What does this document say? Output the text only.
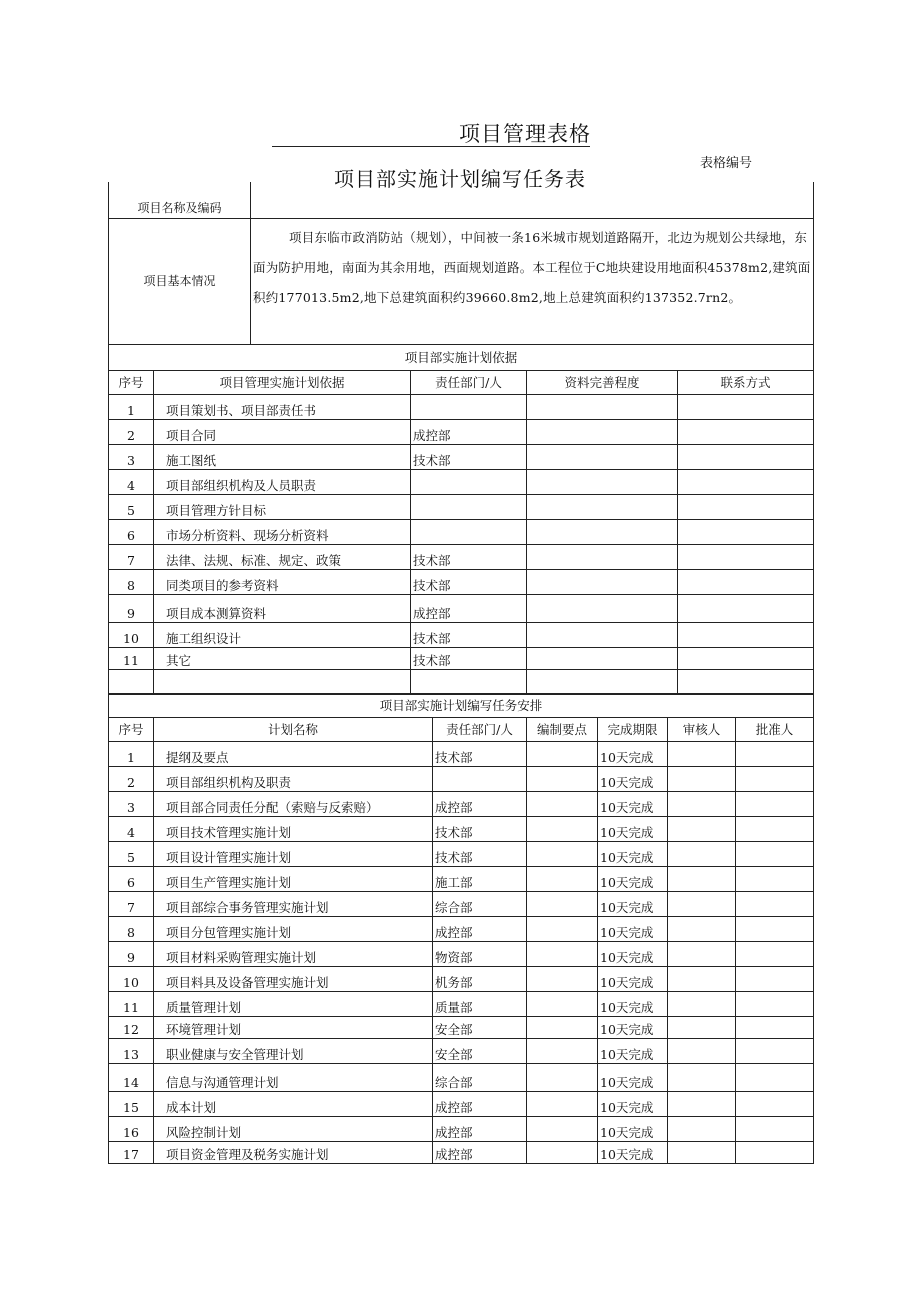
项目管理表格
表格编号
项目部实施计划编写任务表
项目名称及编码	
项目基本情况	项目东临市政消防站（规划），中间被一条16米城市规划道路隔开，北边为规划公共绿地，东面为防护用地，南面为其余用地，西面规划道路。本工程位于C地块建设用地面积45378m2,建筑面积约177013.5m2,地下总建筑面积约39660.8m2,地上总建筑面积约137352.7rn2。

项目部实施计划依据				
序号	项目管理实施计划依据	责任部门/人	资料完善程度	联系方式
1	项目策划书、项目部责任书			
2	项目合同	成控部		
3	施工图纸	技术部		
4	项目部组织机构及人员职责			
5	项目管理方针目标			
6	市场分析资料、现场分析资料			
7	法律、法规、标准、规定、政策	技术部		
8	同类项目的参考资料	技术部		
9	项目成本测算资料	成控部		
10	施工组织设计	技术部		
11	其它	技术部		

项目部实施计划编写任务安排						
序号	计划名称	责任部门/人	编制要点	完成期限	审核人	批准人
1	提纲及要点	技术部		10天完成		
2	项目部组织机构及职责			10天完成		
3	项目部合同责任分配（索赔与反索赔）	成控部		10天完成		
4	项目技术管理实施计划	技术部		10天完成		
5	项目设计管理实施计划	技术部		10天完成		
6	项目生产管理实施计划	施工部		10天完成		
7	项目部综合事务管理实施计划	综合部		10天完成		
8	项目分包管理实施计划	成控部		10天完成		
9	项目材料采购管理实施计划	物资部		10天完成		
10	项目料具及设备管理实施计划	机务部		10天完成		
11	质量管理计划	质量部		10天完成		
12	环境管理计划	安全部		10天完成		
13	职业健康与安全管理计划	安全部		10天完成		
14	信息与沟通管理计划	综合部		10天完成		
15	成本计划	成控部		10天完成		
16	风险控制计划	成控部		10天完成		
17	项目资金管理及税务实施计划	成控部		10天完成		
